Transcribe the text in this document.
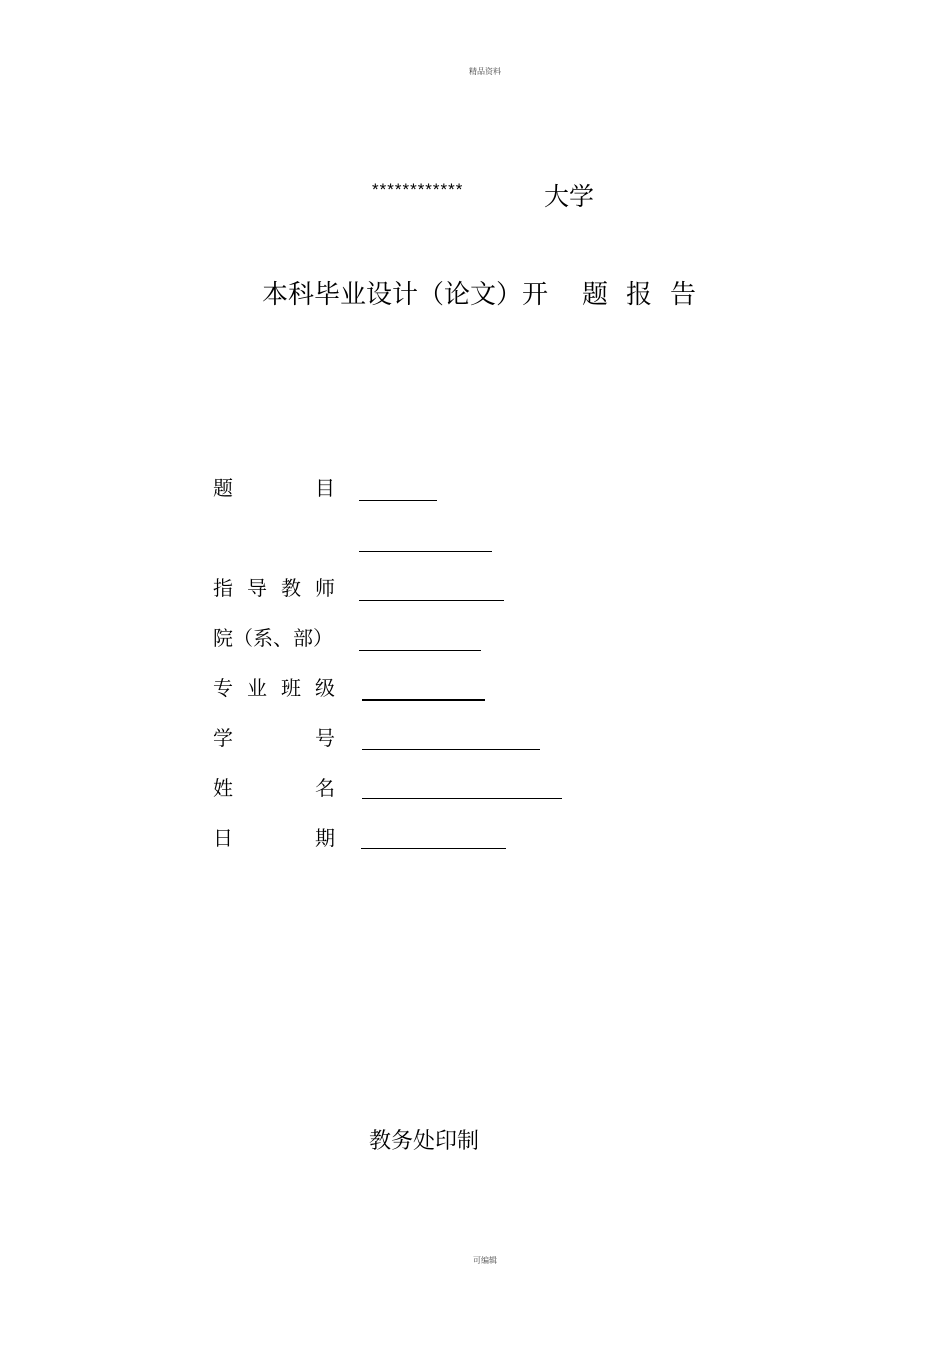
精品资料
************	大学
本科毕业设计（论文）开 题 报 告
题	目
指 导 教 师
院（系、部）
专 业 班 级
学	号
姓	名
日	期
教务处印制
可编辑
